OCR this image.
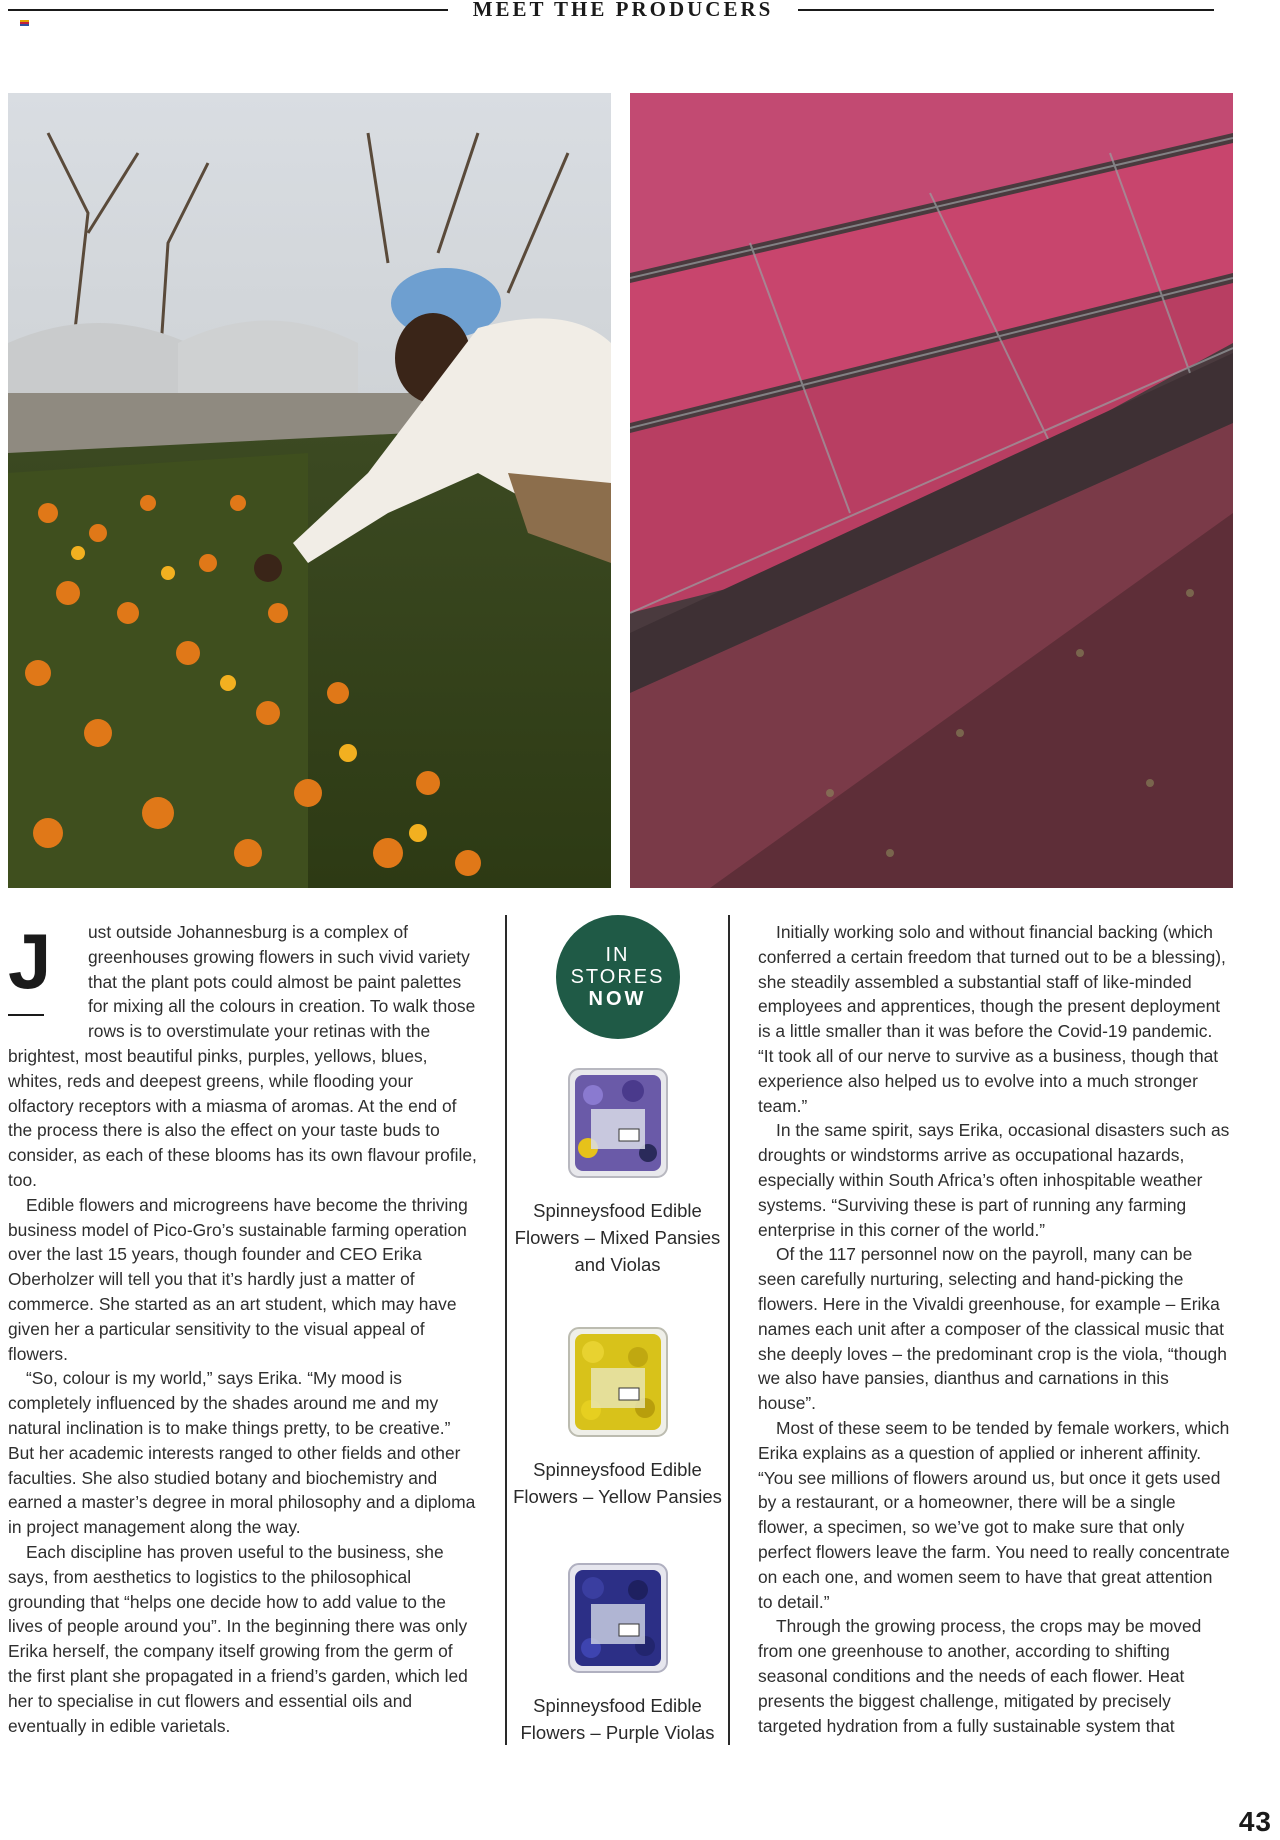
MEET THE PRODUCERS
J	ust outside Johannesburg is a complex of greenhouses growing flowers in such vivid variety that the plant pots could almost be paint palettes for mixing all the colours in creation. To walk those rows is to overstimulate your retinas with the brightest, most beautiful pinks, purples, yellows, blues, whites, reds and deepest greens, while flooding your olfactory receptors with a miasma of aromas. At the end of the process there is also the effect on your taste buds to consider, as each of these blooms has its own flavour profile, too.

Edible flowers and microgreens have become the thriving business model of Pico-Gro’s sustainable farming operation over the last 15 years, though founder and CEO Erika Oberholzer will tell you that it’s hardly just a matter of commerce. She started as an art student, which may have given her a particular sensitivity to the visual appeal of flowers.

“So, colour is my world,” says Erika. “My mood is completely influenced by the shades around me and my natural inclination is to make things pretty, to be creative.” But her academic interests ranged to other fields and other faculties. She also studied botany and biochemistry and earned a master’s degree in moral philosophy and a diploma in project management along the way.

Each discipline has proven useful to the business, she says, from aesthetics to logistics to the philosophical grounding that “helps one decide how to add value to the lives of people around you”. In the beginning there was only Erika herself, the company itself growing from the germ of the first plant she propagated in a friend’s garden, which led her to specialise in cut flowers and essential oils and eventually in edible varietals.

IN STORES
NOW
Spinneysfood Edible Flowers – Mixed Pansies and Violas
Spinneysfood Edible Flowers – Yellow Pansies
Spinneysfood Edible Flowers – Purple Violas

Initially working solo and without financial backing (which conferred a certain freedom that turned out to be a blessing), she steadily assembled a substantial staff of like-minded employees and apprentices, though the present deployment is a little smaller than it was before the Covid-19 pandemic. “It took all of our nerve to survive as a business, though that experience also helped us to evolve into a much stronger team.”

In the same spirit, says Erika, occasional disasters such as droughts or windstorms arrive as occupational hazards, especially within South Africa’s often inhospitable weather systems. “Surviving these is part of running any farming enterprise in this corner of the world.”

Of the 117 personnel now on the payroll, many can be seen carefully nurturing, selecting and hand-picking the flowers. Here in the Vivaldi greenhouse, for example – Erika names each unit after a composer of the classical music that she deeply loves – the predominant crop is the viola, “though we also have pansies, dianthus and carnations in this house”.

Most of these seem to be tended by female workers, which Erika explains as a question of applied or inherent affinity. “You see millions of flowers around us, but once it gets used by a restaurant, or a homeowner, there will be a single flower, a specimen, so we’ve got to make sure that only perfect flowers leave the farm. You need to really concentrate on each one, and women seem to have that great attention to detail.”

Through the growing process, the crops may be moved from one greenhouse to another, according to shifting seasonal conditions and the needs of each flower. Heat presents the biggest challenge, mitigated by precisely targeted hydration from a fully sustainable system that

43
